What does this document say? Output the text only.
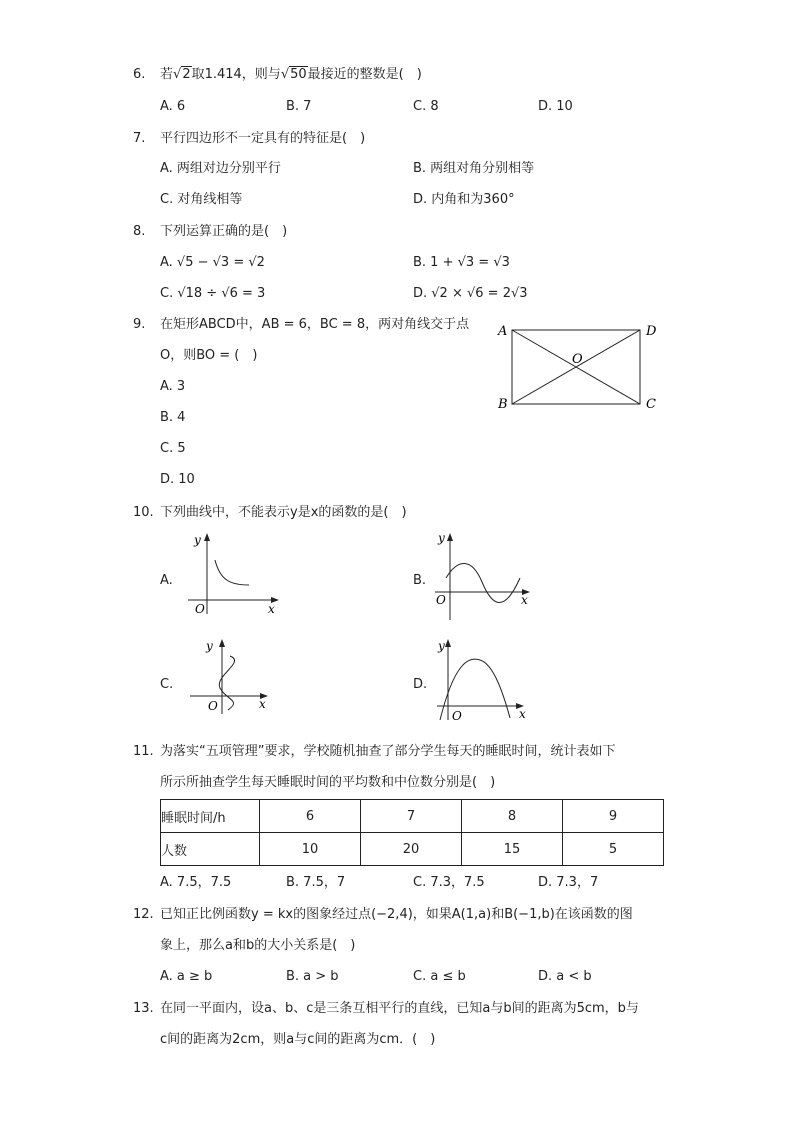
6. 若√2取1.414，则与√50最接近的整数是(　)
A. 6	B. 7	C. 8	D. 10
7. 平行四边形不一定具有的特征是(　)
A. 两组对边分别平行	B. 两组对角分别相等
C. 对角线相等	D. 内角和为360°
8. 下列运算正确的是(　)
A. √5 − √3 = √2	B. 1 + √3 = √3
C. √18 ÷ √6 = 3	D. √2 × √6 = 2√3
9. 在矩形ABCD中，AB = 6，BC = 8，两对角线交于点
O，则BO = (　)
A. 3
B. 4
C. 5
D. 10
A	D
B	C
O
10. 下列曲线中，不能表示y是x的函数的是(　)
A.
y
O	x
B.
y
O	x
C.
y
O	x
D.
y
O	x
11. 为落实“五项管理”要求，学校随机抽查了部分学生每天的睡眠时间，统计表如下
所示所抽查学生每天睡眠时间的平均数和中位数分别是(　)
睡眠时间/h	6	7	8	9
人数	10	20	15	5
A. 7.5，7.5	B. 7.5，7	C. 7.3，7.5	D. 7.3，7
12. 已知正比例函数y = kx的图象经过点(−2,4)，如果A(1,a)和B(−1,b)在该函数的图
象上，那么a和b的大小关系是(　)
A. a ≥ b	B. a > b	C. a ≤ b	D. a < b
13. 在同一平面内，设a、b、c是三条互相平行的直线，已知a与b间的距离为5cm，b与
c间的距离为2cm，则a与c间的距离为cm．(　)
